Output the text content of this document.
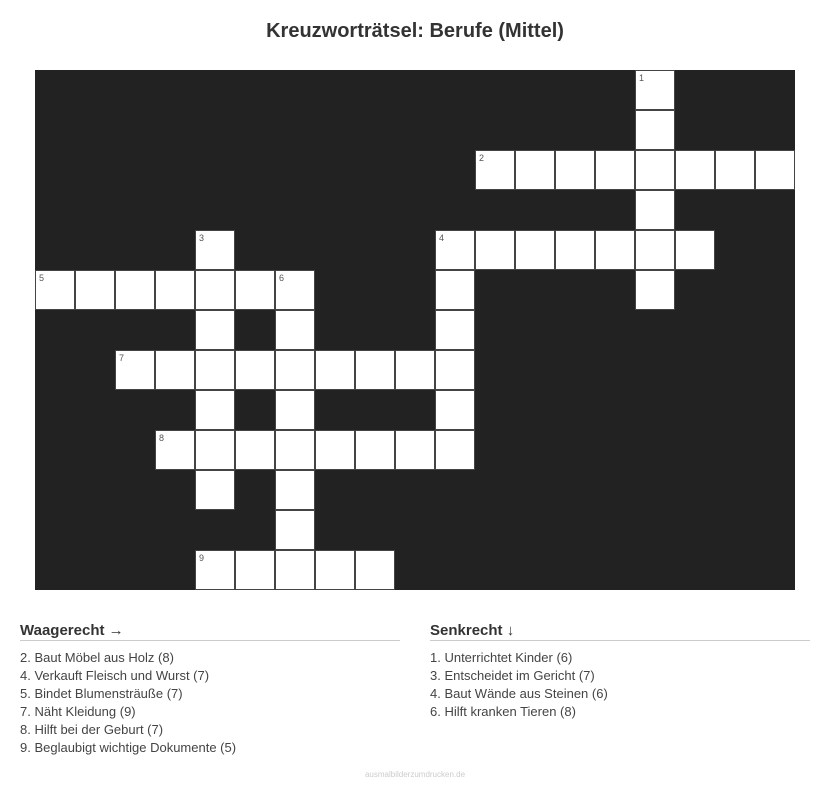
Kreuzworträtsel: Berufe (Mittel)
1
2
3	4
5	6
7
8
9
Waagerecht →
2. Baut Möbel aus Holz (8)
4. Verkauft Fleisch und Wurst (7)
5. Bindet Blumensträuße (7)
7. Näht Kleidung (9)
8. Hilft bei der Geburt (7)
9. Beglaubigt wichtige Dokumente (5)
Senkrecht ↓
1. Unterrichtet Kinder (6)
3. Entscheidet im Gericht (7)
4. Baut Wände aus Steinen (6)
6. Hilft kranken Tieren (8)
ausmalbilderzumdrucken.de
